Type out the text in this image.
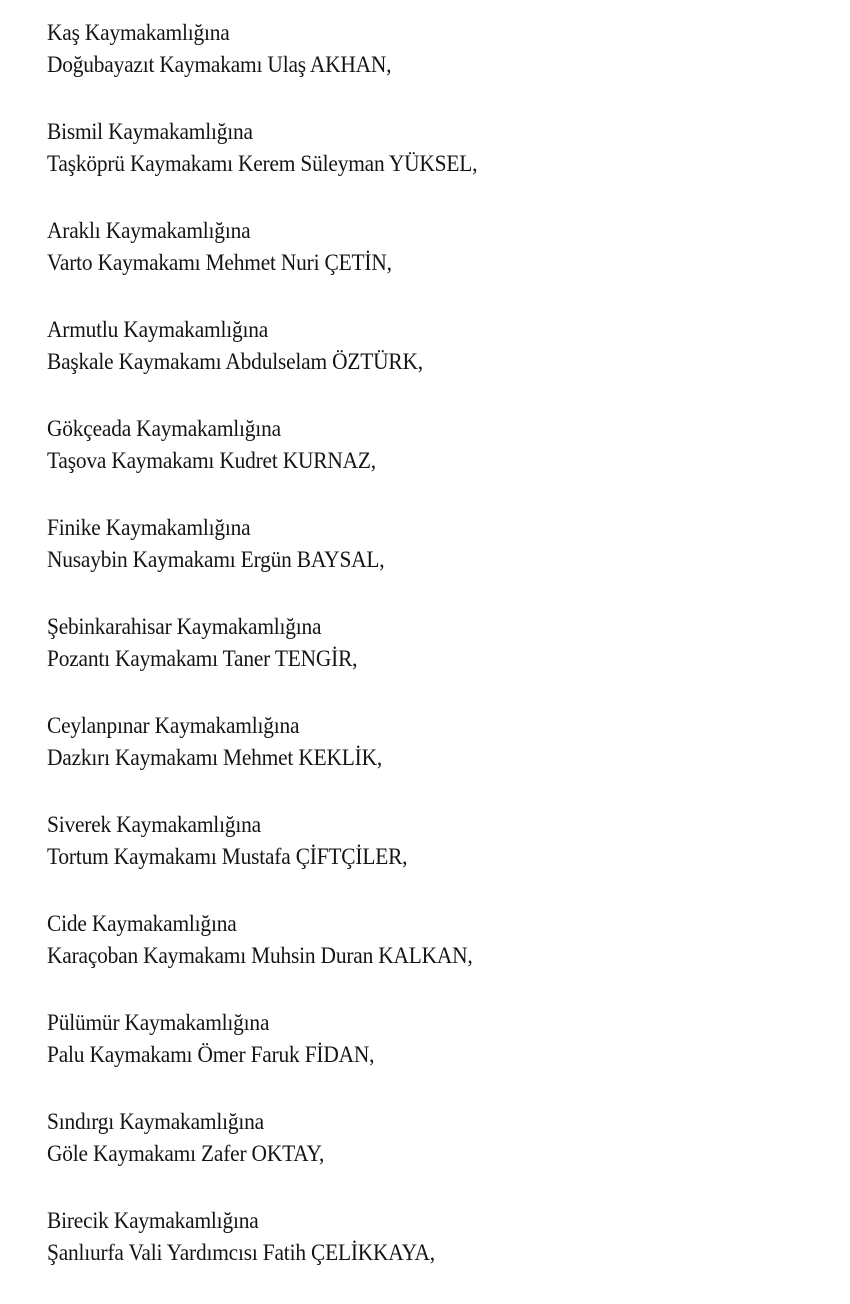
Kaş Kaymakamlığına
Doğubayazıt Kaymakamı Ulaş AKHAN,
Bismil Kaymakamlığına
Taşköprü Kaymakamı Kerem Süleyman YÜKSEL,
Araklı Kaymakamlığına
Varto Kaymakamı Mehmet Nuri ÇETİN,
Armutlu Kaymakamlığına
Başkale Kaymakamı Abdulselam ÖZTÜRK,
Gökçeada Kaymakamlığına
Taşova Kaymakamı Kudret KURNAZ,
Finike Kaymakamlığına
Nusaybin Kaymakamı Ergün BAYSAL,
Şebinkarahisar Kaymakamlığına
Pozantı Kaymakamı Taner TENGİR,
Ceylanpınar Kaymakamlığına
Dazkırı Kaymakamı Mehmet KEKLİK,
Siverek Kaymakamlığına
Tortum Kaymakamı Mustafa ÇİFTÇİLER,
Cide Kaymakamlığına
Karaçoban Kaymakamı Muhsin Duran KALKAN,
Pülümür Kaymakamlığına
Palu Kaymakamı Ömer Faruk FİDAN,
Sındırgı Kaymakamlığına
Göle Kaymakamı Zafer OKTAY,
Birecik Kaymakamlığına
Şanlıurfa Vali Yardımcısı Fatih ÇELİKKAYA,
